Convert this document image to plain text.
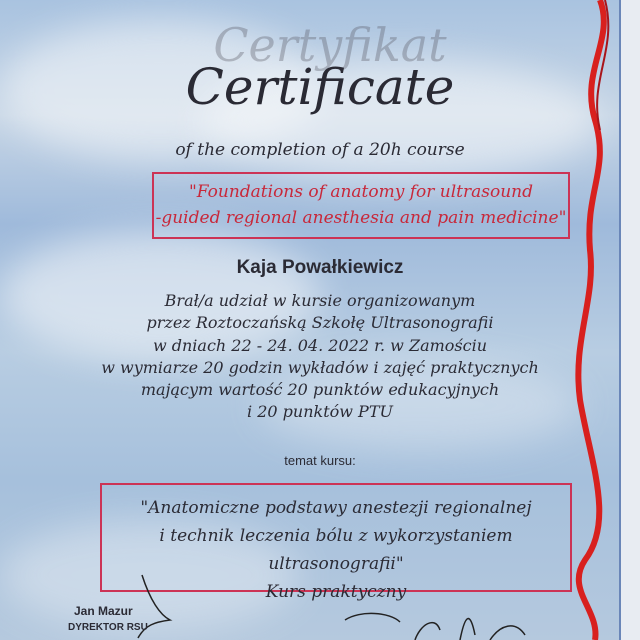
Certyfikat
Certificate
of the completion of a 20h course
"Foundations of anatomy for ultrasound
-guided regional anesthesia and pain medicine"
Kaja Powałkiewicz
Brał/a udział w kursie organizowanym
przez Roztoczańską Szkołę Ultrasonografii
w dniach 22 - 24. 04. 2022 r. w Zamościu
w wymiarze 20 godzin wykładów i zajęć praktycznych
mającym wartość 20 punktów edukacyjnych
i 20 punktów PTU
temat kursu:
"Anatomiczne podstawy anestezji regionalnej
i technik leczenia bólu z wykorzystaniem ultrasonografii"
Kurs praktyczny
Jan Mazur
DYREKTOR RSU
